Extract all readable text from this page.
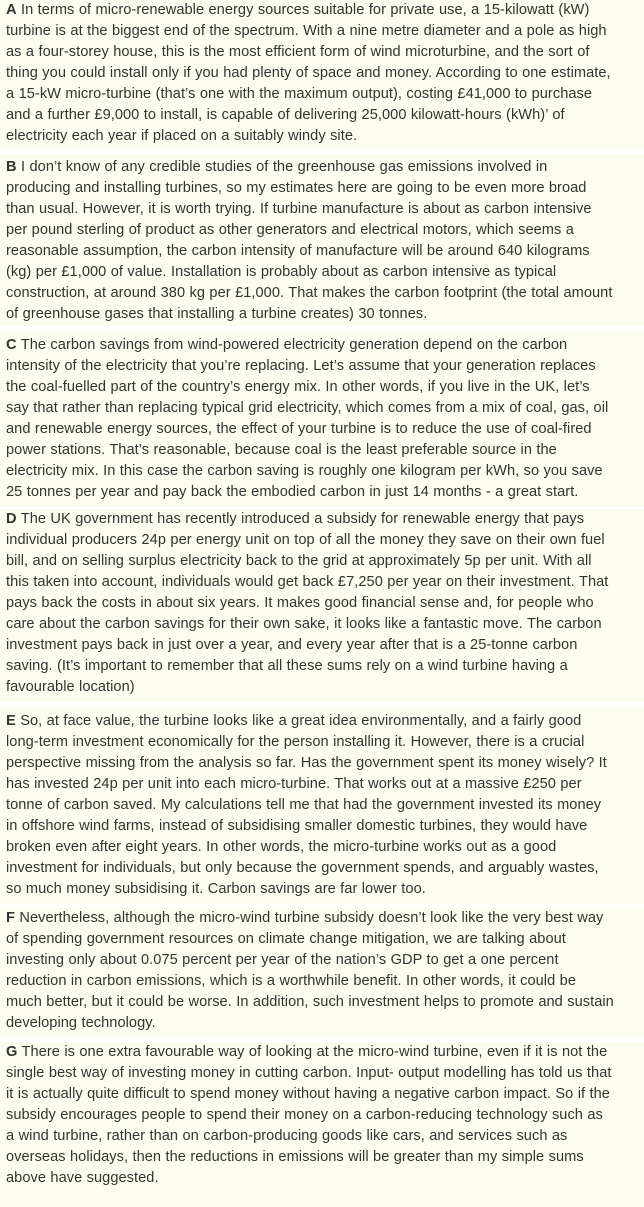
A In terms of micro-renewable energy sources suitable for private use, a 15-kilowatt (kW)
turbine is at the biggest end of the spectrum. With a nine metre diameter and a pole as high
as a four-storey house, this is the most efficient form of wind microturbine, and the sort of
thing you could install only if you had plenty of space and money. According to one estimate,
a 15-kW micro-turbine (that’s one with the maximum output), costing £41,000 to purchase
and a further £9,000 to install, is capable of delivering 25,000 kilowatt-hours (kWh)’ of
electricity each year if placed on a suitably windy site.
B I don’t know of any credible studies of the greenhouse gas emissions involved in
producing and installing turbines, so my estimates here are going to be even more broad
than usual. However, it is worth trying. If turbine manufacture is about as carbon intensive
per pound sterling of product as other generators and electrical motors, which seems a
reasonable assumption, the carbon intensity of manufacture will be around 640 kilograms
(kg) per £1,000 of value. Installation is probably about as carbon intensive as typical
construction, at around 380 kg per £1,000. That makes the carbon footprint (the total amount
of greenhouse gases that installing a turbine creates) 30 tonnes.
C The carbon savings from wind-powered electricity generation depend on the carbon
intensity of the electricity that you’re replacing. Let’s assume that your generation replaces
the coal-fuelled part of the country’s energy mix. In other words, if you live in the UK, let’s
say that rather than replacing typical grid electricity, which comes from a mix of coal, gas, oil
and renewable energy sources, the effect of your turbine is to reduce the use of coal-fired
power stations. That’s reasonable, because coal is the least preferable source in the
electricity mix. In this case the carbon saving is roughly one kilogram per kWh, so you save
25 tonnes per year and pay back the embodied carbon in just 14 months - a great start.
D The UK government has recently introduced a subsidy for renewable energy that pays
individual producers 24p per energy unit on top of all the money they save on their own fuel
bill, and on selling surplus electricity back to the grid at approximately 5p per unit. With all
this taken into account, individuals would get back £7,250 per year on their investment. That
pays back the costs in about six years. It makes good financial sense and, for people who
care about the carbon savings for their own sake, it looks like a fantastic move. The carbon
investment pays back in just over a year, and every year after that is a 25-tonne carbon
saving. (It’s important to remember that all these sums rely on a wind turbine having a
favourable location)
E So, at face value, the turbine looks like a great idea environmentally, and a fairly good
long-term investment economically for the person installing it. However, there is a crucial
perspective missing from the analysis so far. Has the government spent its money wisely? It
has invested 24p per unit into each micro-turbine. That works out at a massive £250 per
tonne of carbon saved. My calculations tell me that had the government invested its money
in offshore wind farms, instead of subsidising smaller domestic turbines, they would have
broken even after eight years. In other words, the micro-turbine works out as a good
investment for individuals, but only because the government spends, and arguably wastes,
so much money subsidising it. Carbon savings are far lower too.
F Nevertheless, although the micro-wind turbine subsidy doesn’t look like the very best way
of spending government resources on climate change mitigation, we are talking about
investing only about 0.075 percent per year of the nation’s GDP to get a one percent
reduction in carbon emissions, which is a worthwhile benefit. In other words, it could be
much better, but it could be worse. In addition, such investment helps to promote and sustain
developing technology.
G There is one extra favourable way of looking at the micro-wind turbine, even if it is not the
single best way of investing money in cutting carbon. Input- output modelling has told us that
it is actually quite difficult to spend money without having a negative carbon impact. So if the
subsidy encourages people to spend their money on a carbon-reducing technology such as
a wind turbine, rather than on carbon-producing goods like cars, and services such as
overseas holidays, then the reductions in emissions will be greater than my simple sums
above have suggested.
